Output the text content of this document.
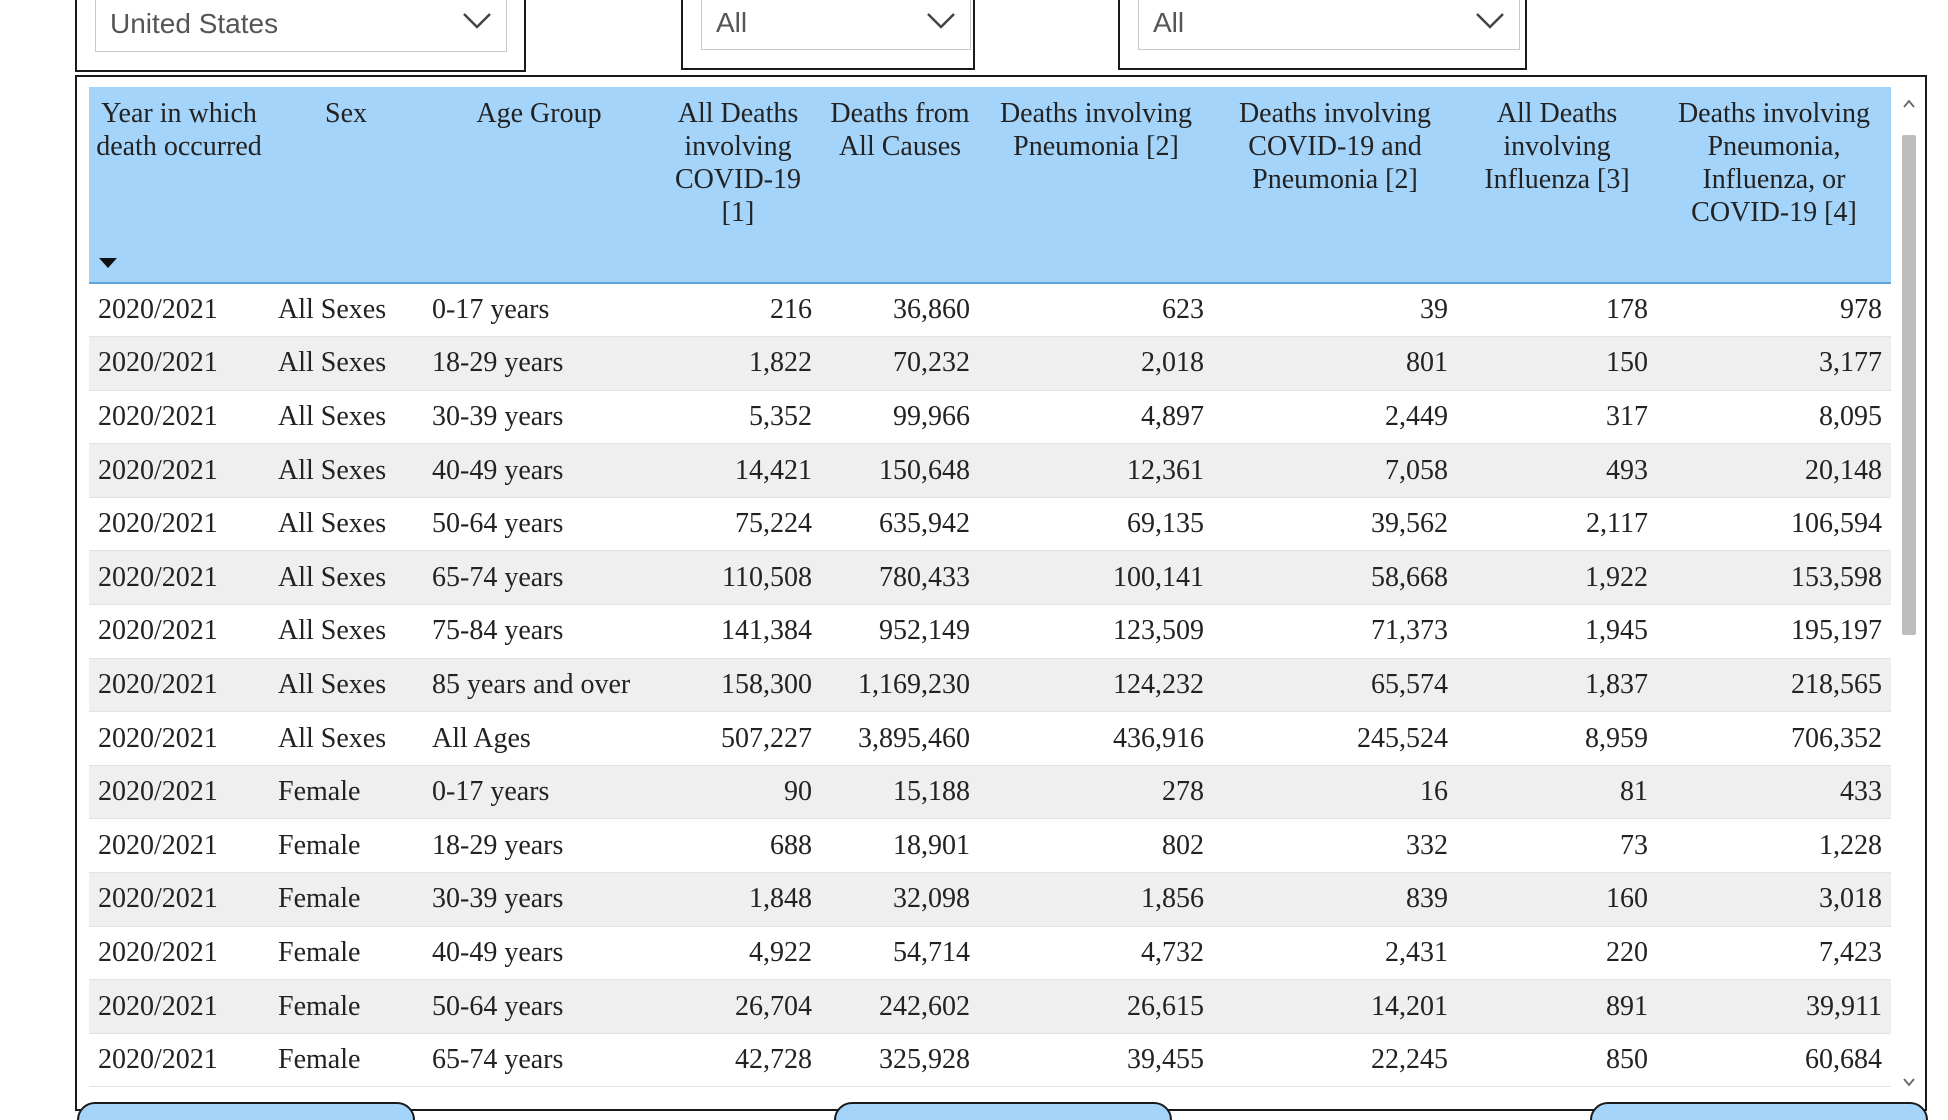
United States	All	All
Year in which death occurred	Sex	Age Group	All Deaths involving COVID-19 [1]	Deaths from All Causes	Deaths involving Pneumonia [2]	Deaths involving COVID-19 and Pneumonia [2]	All Deaths involving Influenza [3]	Deaths involving Pneumonia, Influenza, or COVID-19 [4]
2020/2021	All Sexes	0-17 years	216	36,860	623	39	178	978
2020/2021	All Sexes	18-29 years	1,822	70,232	2,018	801	150	3,177
2020/2021	All Sexes	30-39 years	5,352	99,966	4,897	2,449	317	8,095
2020/2021	All Sexes	40-49 years	14,421	150,648	12,361	7,058	493	20,148
2020/2021	All Sexes	50-64 years	75,224	635,942	69,135	39,562	2,117	106,594
2020/2021	All Sexes	65-74 years	110,508	780,433	100,141	58,668	1,922	153,598
2020/2021	All Sexes	75-84 years	141,384	952,149	123,509	71,373	1,945	195,197
2020/2021	All Sexes	85 years and over	158,300	1,169,230	124,232	65,574	1,837	218,565
2020/2021	All Sexes	All Ages	507,227	3,895,460	436,916	245,524	8,959	706,352
2020/2021	Female	0-17 years	90	15,188	278	16	81	433
2020/2021	Female	18-29 years	688	18,901	802	332	73	1,228
2020/2021	Female	30-39 years	1,848	32,098	1,856	839	160	3,018
2020/2021	Female	40-49 years	4,922	54,714	4,732	2,431	220	7,423
2020/2021	Female	50-64 years	26,704	242,602	26,615	14,201	891	39,911
2020/2021	Female	65-74 years	42,728	325,928	39,455	22,245	850	60,684
